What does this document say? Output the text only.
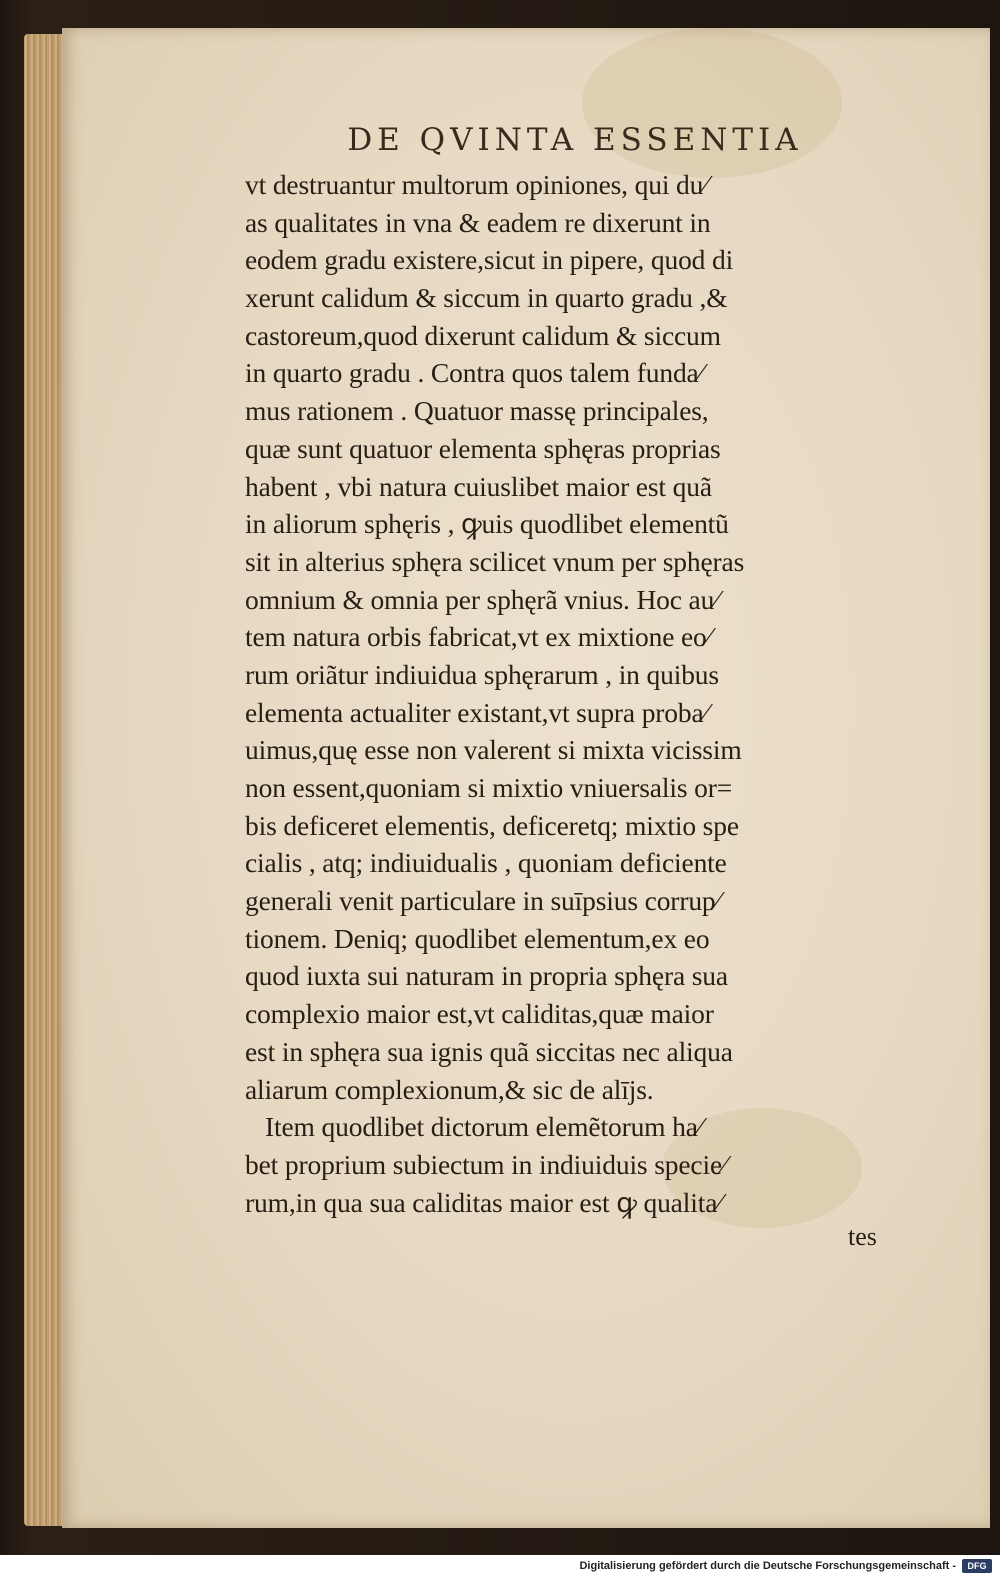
DE QVINTA ESSENTIA
vt destruantur multorum opiniones, qui du⁄
as qualitates in vna & eadem re dixerunt in
eodem gradu existere,sicut in pipere, quod di
xerunt calidum & siccum in quarto gradu ,&
castoreum,quod dixerunt calidum & siccum
in quarto gradu . Contra quos talem funda⁄
mus rationem . Quatuor massę principales,
quæ sunt quatuor elementa sphęras proprias
habent , vbi natura cuiuslibet maior est quã
in aliorum sphęris , ꝙuis quodlibet elementũ
sit in alterius sphęra scilicet vnum per sphęras
omnium & omnia per sphęrã vnius. Hoc au⁄
tem natura orbis fabricat,vt ex mixtione eo⁄
rum oriãtur indiuidua sphęrarum , in quibus
elementa actualiter existant,vt supra proba⁄
uimus,quę esse non valerent si mixta vicissim
non essent,quoniam si mixtio vniuersalis or=
bis deficeret elementis, deficeretq; mixtio spe
cialis , atq; indiuidualis , quoniam deficiente
generali venit particulare in suīpsius corrup⁄
tionem. Deniq; quodlibet elementum,ex eo
quod iuxta sui naturam in propria sphęra sua
complexio maior est,vt caliditas,quæ maior
est in sphęra sua ignis quã siccitas nec aliqua
aliarum complexionum,& sic de alījs.
Item quodlibet dictorum elemẽtorum ha⁄
bet proprium subiectum in indiuiduis specie⁄
rum,in qua sua caliditas maior est ꝙ qualita⁄
tes
Digitalisierung gefördert durch die Deutsche Forschungsgemeinschaft -	DFG
